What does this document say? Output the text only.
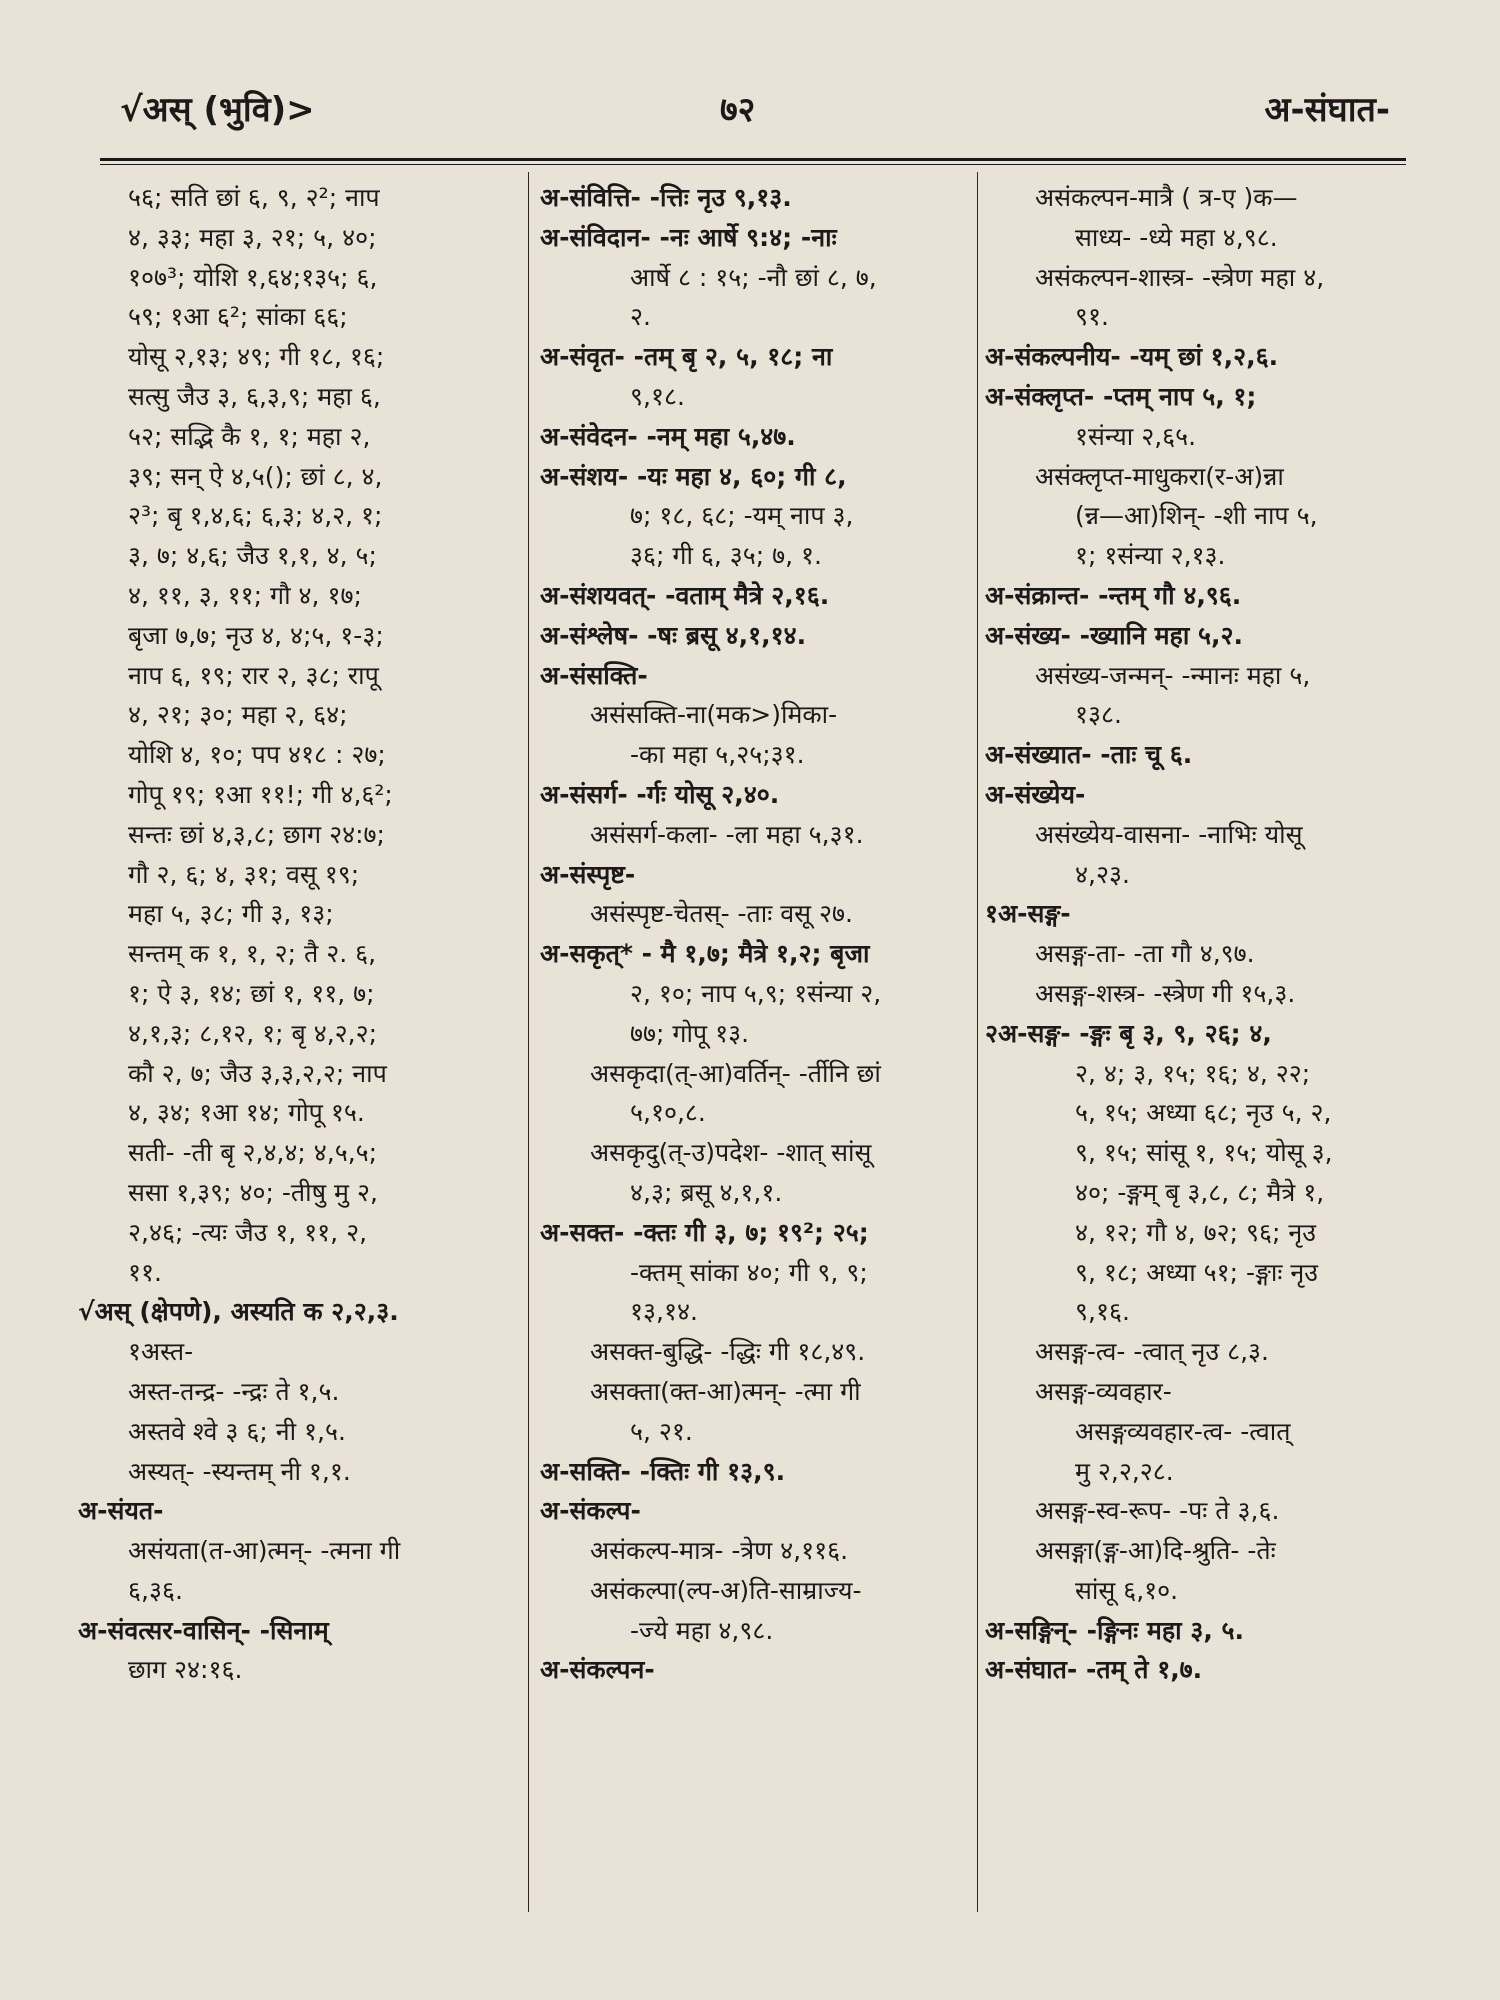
√अस् (भुवि)>	७२	अ-संघात-
५६; सति छां ६, ९, २²; नाप
४, ३३; महा ३, २१; ५, ४०;
१०७³; योशि १,६४;१३५; ६,
५९; १आ ६²; सांका ६६;
योसू २,१३; ४९; गी १८, १६;
सत्सु जैउ ३, ६,३,९; महा ६,
५२; सद्भि कै १, १; महा २,
३९; सन् ऐ ४,५(); छां ८, ४,
२³; बृ १,४,६; ६,३; ४,२, १;
३, ७; ४,६; जैउ १,१, ४, ५;
४, ११, ३, ११; गौ ४, १७;
बृजा ७,७; नृउ ४, ४;५, १-३;
नाप ६, १९; रार २, ३८; रापू
४, २१; ३०; महा २, ६४;
योशि ४, १०; पप ४१८ : २७;
गोपू १९; १आ ११!; गी ४,६²;
सन्तः छां ४,३,८; छाग २४:७;
गौ २, ६; ४, ३१; वसू १९;
महा ५, ३८; गी ३, १३;
सन्तम् क १, १, २; तै २. ६,
१; ऐ ३, १४; छां १, ११, ७;
४,१,३; ८,१२, १; बृ ४,२,२;
कौ २, ७; जैउ ३,३,२,२; नाप
४, ३४; १आ १४; गोपू १५.
सती- -ती बृ २,४,४; ४,५,५;
ससा १,३९; ४०; -तीषु मु २,
२,४६; -त्यः जैउ १, ११, २,
११.
√अस् (क्षेपणे), अस्यति क २,२,३.
१अस्त-
अस्त-तन्द्र- -न्द्रः ते १,५.
अस्तवे श्वे ३ ६; नी १,५.
अस्यत्- -स्यन्तम् नी १,१.
अ-संयत-
असंयता(त-आ)त्मन्- -त्मना गी
६,३६.
अ-संवत्सर-वासिन्- -सिनाम्
छाग २४:१६.
अ-संवित्ति- -त्तिः नृउ ९,१३.
अ-संविदान- -नः आर्षे ९:४; -नाः
आर्षे ८ : १५; -नौ छां ८, ७,
२.
अ-संवृत- -तम् बृ २, ५, १८; ना
९,१८.
अ-संवेदन- -नम् महा ५,४७.
अ-संशय- -यः महा ४, ६०; गी ८,
७; १८, ६८; -यम् नाप ३,
३६; गी ६, ३५; ७, १.
अ-संशयवत्- -वताम् मैत्रे २,१६.
अ-संश्लेष- -षः ब्रसू ४,१,१४.
अ-संसक्ति-
असंसक्ति-ना(मक>)मिका-
-का महा ५,२५;३१.
अ-संसर्ग- -र्गः योसू २,४०.
असंसर्ग-कला- -ला महा ५,३१.
अ-संस्पृष्ट-
असंस्पृष्ट-चेतस्- -ताः वसू २७.
अ-सकृत्* - मै १,७; मैत्रे १,२; बृजा
२, १०; नाप ५,९; १संन्या २,
७७; गोपू १३.
असकृदा(त्-आ)वर्तिन्- -र्तीनि छां
५,१०,८.
असकृदु(त्-उ)पदेश- -शात् सांसू
४,३; ब्रसू ४,१,१.
अ-सक्त- -क्तः गी ३, ७; १९²; २५;
-क्तम् सांका ४०; गी ९, ९;
१३,१४.
असक्त-बुद्धि- -द्धिः गी १८,४९.
असक्ता(क्त-आ)त्मन्- -त्मा गी
५, २१.
अ-सक्ति- -क्तिः गी १३,९.
अ-संकल्प-
असंकल्प-मात्र- -त्रेण ४,११६.
असंकल्पा(ल्प-अ)ति-साम्राज्य-
-ज्ये महा ४,९८.
अ-संकल्पन-
असंकल्पन-मात्रै ( त्र-ए )क—
साध्य- -ध्ये महा ४,९८.
असंकल्पन-शास्त्र- -स्त्रेण महा ४,
९१.
अ-संकल्पनीय- -यम् छां १,२,६.
अ-संक्लृप्त- -प्तम् नाप ५, १;
१संन्या २,६५.
असंक्लृप्त-माधुकरा(र-अ)न्ना
(न्न—आ)शिन्- -शी नाप ५,
१; १संन्या २,१३.
अ-संक्रान्त- -न्तम् गौ ४,९६.
अ-संख्य- -ख्यानि महा ५,२.
असंख्य-जन्मन्- -न्मानः महा ५,
१३८.
अ-संख्यात- -ताः चू ६.
अ-संख्येय-
असंख्येय-वासना- -नाभिः योसू
४,२३.
१अ-सङ्ग-
असङ्ग-ता- -ता गौ ४,९७.
असङ्ग-शस्त्र- -स्त्रेण गी १५,३.
२अ-सङ्ग- -ङ्गः बृ ३, ९, २६; ४,
२, ४; ३, १५; १६; ४, २२;
५, १५; अध्या ६८; नृउ ५, २,
९, १५; सांसू १, १५; योसू ३,
४०; -ङ्गम् बृ ३,८, ८; मैत्रे १,
४, १२; गौ ४, ७२; ९६; नृउ
९, १८; अध्या ५१; -ङ्गाः नृउ
९,१६.
असङ्ग-त्व- -त्वात् नृउ ८,३.
असङ्ग-व्यवहार-
असङ्गव्यवहार-त्व- -त्वात्
मु २,२,२८.
असङ्ग-स्व-रूप- -पः ते ३,६.
असङ्गा(ङ्ग-आ)दि-श्रुति- -तेः
सांसू ६,१०.
अ-सङ्गिन्- -ङ्गिनः महा ३, ५.
अ-संघात- -तम् ते १,७.
